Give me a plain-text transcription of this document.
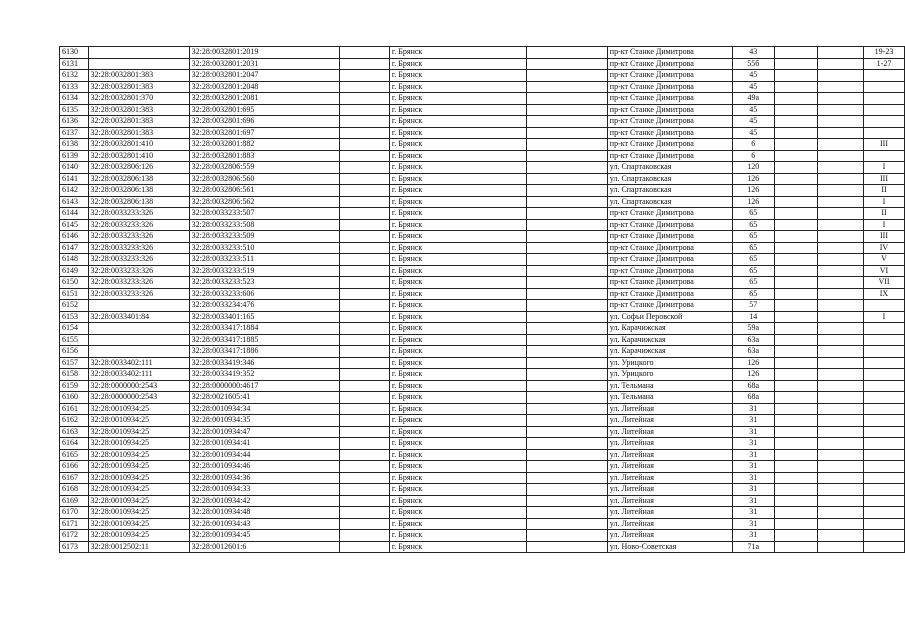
6130		32:28:0032801:2019		г. Брянск		пр-кт Станке Димитрова	43			19-23
6131		32:28:0032801:2031		г. Брянск		пр-кт Станке Димитрова	55б			1-27
6132	32:28:0032801:383	32:28:0032801:2047		г. Брянск		пр-кт Станке Димитрова	45			
6133	32:28:0032801:383	32:28:0032801:2048		г. Брянск		пр-кт Станке Димитрова	45			
6134	32:28:0032801:370	32:28:0032801:2081		г. Брянск		пр-кт Станке Димитрова	49а			
6135	32:28:0032801:383	32:28:0032801:695		г. Брянск		пр-кт Станке Димитрова	45			
6136	32:28:0032801:383	32:28:0032801:696		г. Брянск		пр-кт Станке Димитрова	45			
6137	32:28:0032801:383	32:28:0032801:697		г. Брянск		пр-кт Станке Димитрова	45			
6138	32:28:0032801:410	32:28:0032801:882		г. Брянск		пр-кт Станке Димитрова	6			III
6139	32:28:0032801:410	32:28:0032801:883		г. Брянск		пр-кт Станке Димитрова	6			
6140	32:28:0032806:126	32:28:0032806:559		г. Брянск		ул. Спартаковская	120			I
6141	32:28:0032806:138	32:28:0032806:560		г. Брянск		ул. Спартаковская	126			III
6142	32:28:0032806:138	32:28:0032806:561		г. Брянск		ул. Спартаковская	126			II
6143	32:28:0032806:138	32:28:0032806:562		г. Брянск		ул. Спартаковская	126			I
6144	32:28:0033233:326	32:28:0033233:507		г. Брянск		пр-кт Станке Димитрова	65			II
6145	32:28:0033233:326	32:28:0033233:508		г. Брянск		пр-кт Станке Димитрова	65			I
6146	32:28:0033233:326	32:28:0033233:509		г. Брянск		пр-кт Станке Димитрова	65			III
6147	32:28:0033233:326	32:28:0033233:510		г. Брянск		пр-кт Станке Димитрова	65			IV
6148	32:28:0033233:326	32:28:0033233:511		г. Брянск		пр-кт Станке Димитрова	65			V
6149	32:28:0033233:326	32:28:0033233:519		г. Брянск		пр-кт Станке Димитрова	65			VI
6150	32:28:0033233:326	32:28:0033233:523		г. Брянск		пр-кт Станке Димитрова	65			VII
6151	32:28:0033233:326	32:28:0033233:606		г. Брянск		пр-кт Станке Димитрова	65			IX
6152		32:28:0033234:476		г. Брянск		пр-кт Станке Димитрова	57			
6153	32:28:0033401:84	32:28:0033401:165		г. Брянск		ул. Софьи Перовской	14			I
6154		32:28:0033417:1884		г. Брянск		ул. Карачижская	59а			
6155		32:28:0033417:1885		г. Брянск		ул. Карачижская	63а			
6156		32:28:0033417:1886		г. Брянск		ул. Карачижская	63а			
6157	32:28:0033402:111	32:28:0033419:346		г. Брянск		ул. Урицкого	126			
6158	32:28:0033402:111	32:28:0033419:352		г. Брянск		ул. Урицкого	126			
6159	32:28:0000000:2543	32:28:0000000:4617		г. Брянск		ул. Тельмана	68а			
6160	32:28:0000000:2543	32:28:0021605:41		г. Брянск		ул. Тельмана	68а			
6161	32:28:0010934:25	32:28:0010934:34		г. Брянск		ул. Литейная	31			
6162	32:28:0010934:25	32:28:0010934:35		г. Брянск		ул. Литейная	31			
6163	32:28:0010934:25	32:28:0010934:47		г. Брянск		ул. Литейная	31			
6164	32:28:0010934:25	32:28:0010934:41		г. Брянск		ул. Литейная	31			
6165	32:28:0010934:25	32:28:0010934:44		г. Брянск		ул. Литейная	31			
6166	32:28:0010934:25	32:28:0010934:46		г. Брянск		ул. Литейная	31			
6167	32:28:0010934:25	32:28:0010934:36		г. Брянск		ул. Литейная	31			
6168	32:28:0010934:25	32:28:0010934:33		г. Брянск		ул. Литейная	31			
6169	32:28:0010934:25	32:28:0010934:42		г. Брянск		ул. Литейная	31			
6170	32:28:0010934:25	32:28:0010934:48		г. Брянск		ул. Литейная	31			
6171	32:28:0010934:25	32:28:0010934:43		г. Брянск		ул. Литейная	31			
6172	32:28:0010934:25	32:28:0010934:45		г. Брянск		ул. Литейная	31			
6173	32:28:0012502:11	32:28:0012601:6		г. Брянск		ул. Ново-Советская	71а			
